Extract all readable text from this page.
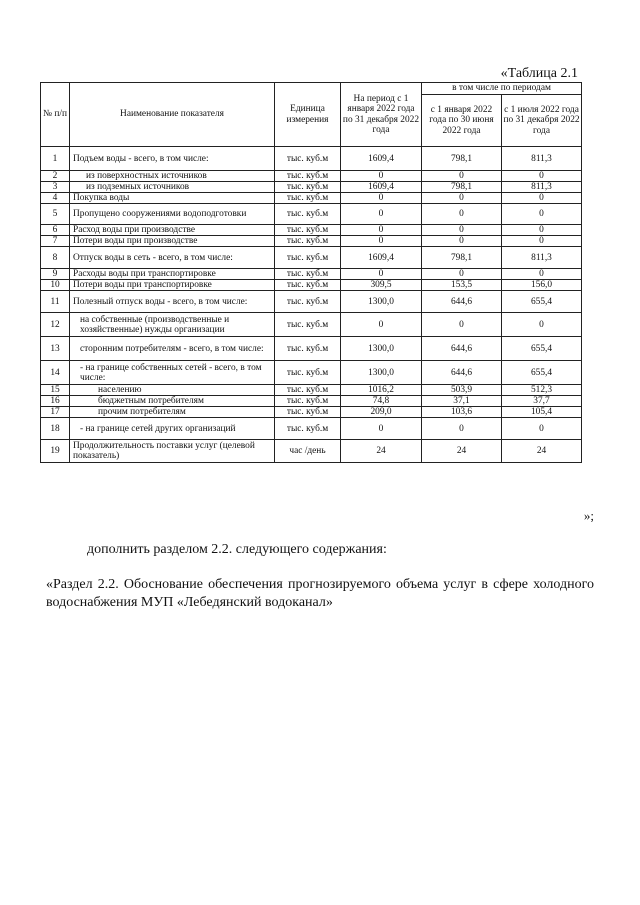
«Таблица 2.1
№ п/п	Наименование показателя	Единица измерения	На период с 1 января 2022 года по 31 декабря 2022 года	в том числе по периодам	
				с 1 января 2022 года по 30 июня 2022 года	с 1 июля 2022 года по 31 декабря 2022 года
1	Подъем воды - всего, в том числе:	тыс. куб.м	1609,4	798,1	811,3
2	из поверхностных источников	тыс. куб.м	0	0	0
3	из подземных источников	тыс. куб.м	1609,4	798,1	811,3
4	Покупка воды	тыс. куб.м	0	0	0
5	Пропущено сооружениями водоподготовки	тыс. куб.м	0	0	0
6	Расход воды при производстве	тыс. куб.м	0	0	0
7	Потери воды при производстве	тыс. куб.м	0	0	0
8	Отпуск воды в сеть - всего, в том числе:	тыс. куб.м	1609,4	798,1	811,3
9	Расходы воды при транспортировке	тыс. куб.м	0	0	0
10	Потери воды при транспортировке	тыс. куб.м	309,5	153,5	156,0
11	Полезный отпуск воды - всего, в том числе:	тыс. куб.м	1300,0	644,6	655,4
12	на собственные (производственные и хозяйственные) нужды организации	тыс. куб.м	0	0	0
13	сторонним потребителям - всего, в том числе:	тыс. куб.м	1300,0	644,6	655,4
14	- на границе собственных сетей - всего, в том числе:	тыс. куб.м	1300,0	644,6	655,4
15	населению	тыс. куб.м	1016,2	503,9	512,3
16	бюджетным потребителям	тыс. куб.м	74,8	37,1	37,7
17	прочим потребителям	тыс. куб.м	209,0	103,6	105,4
18	- на границе сетей других организаций	тыс. куб.м	0	0	0
19	Продолжительность поставки услуг (целевой показатель)	час /день	24	24	24
»;
дополнить разделом 2.2. следующего содержания:
«Раздел 2.2. Обоснование обеспечения прогнозируемого объема услуг в сфере холодного водоснабжения МУП «Лебедянский водоканал»
